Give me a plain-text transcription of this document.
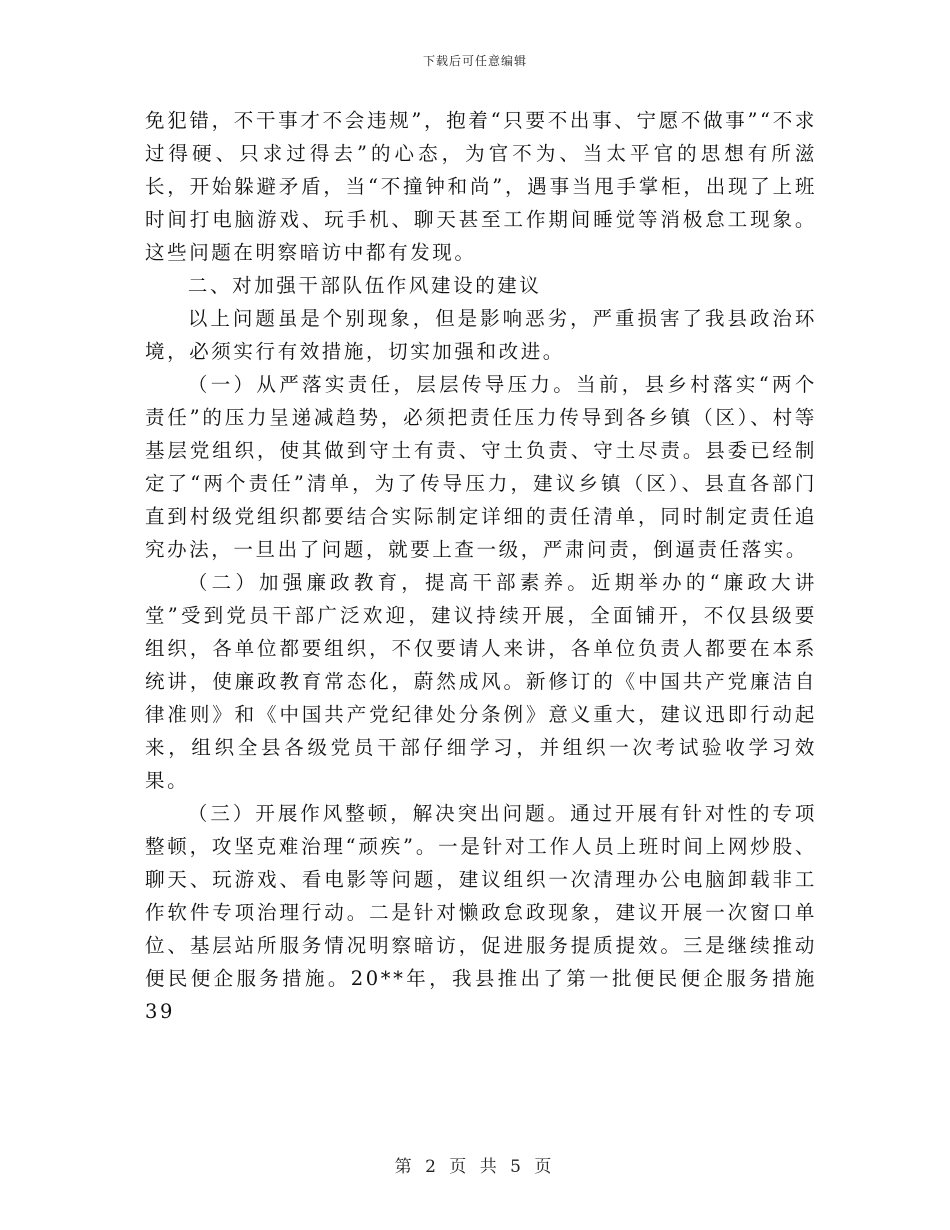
下载后可任意编辑

免犯错，不干事才不会违规”，抱着“只要不出事、宁愿不做事”“不求过得硬、只求过得去”的心态，为官不为、当太平官的思想有所滋长，开始躲避矛盾，当“不撞钟和尚”，遇事当甩手掌柜，出现了上班时间打电脑游戏、玩手机、聊天甚至工作期间睡觉等消极怠工现象。这些问题在明察暗访中都有发现。

二、对加强干部队伍作风建设的建议

以上问题虽是个别现象，但是影响恶劣，严重损害了我县政治环境，必须实行有效措施，切实加强和改进。

（一）从严落实责任，层层传导压力。当前，县乡村落实“两个责任”的压力呈递减趋势，必须把责任压力传导到各乡镇（区）、村等基层党组织，使其做到守土有责、守土负责、守土尽责。县委已经制定了“两个责任”清单，为了传导压力，建议乡镇（区）、县直各部门直到村级党组织都要结合实际制定详细的责任清单，同时制定责任追究办法，一旦出了问题，就要上查一级，严肃问责，倒逼责任落实。

（二）加强廉政教育，提高干部素养。近期举办的“廉政大讲堂”受到党员干部广泛欢迎，建议持续开展，全面铺开，不仅县级要组织，各单位都要组织，不仅要请人来讲，各单位负责人都要在本系统讲，使廉政教育常态化，蔚然成风。新修订的《中国共产党廉洁自律准则》和《中国共产党纪律处分条例》意义重大，建议迅即行动起来，组织全县各级党员干部仔细学习，并组织一次考试验收学习效果。

（三）开展作风整顿，解决突出问题。通过开展有针对性的专项整顿，攻坚克难治理“顽疾”。一是针对工作人员上班时间上网炒股、聊天、玩游戏、看电影等问题，建议组织一次清理办公电脑卸载非工作软件专项治理行动。二是针对懒政怠政现象，建议开展一次窗口单位、基层站所服务情况明察暗访，促进服务提质提效。三是继续推动便民便企服务措施。20**年，我县推出了第一批便民便企服务措施39

第 2 页 共 5 页
